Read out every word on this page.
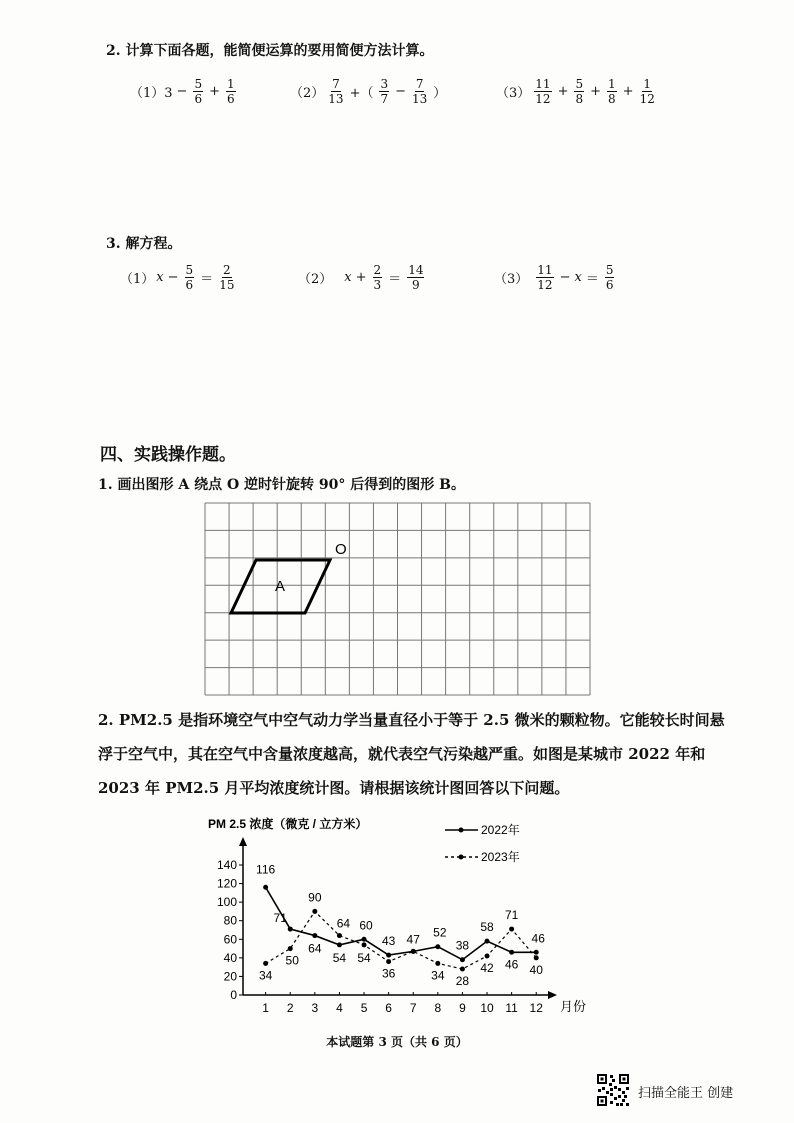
2. 计算下面各题，能简便运算的要用简便方法计算。
$(1)3 - \frac{5}{6} + \frac{1}{6}$	$(2) \frac{7}{13}$ +（ $\frac{3}{7} - \frac{7}{13}$ ）	$(3) \frac{11}{12} + \frac{5}{8} + \frac{1}{8} + \frac{1}{12}$
3. 解方程。
（1） $x - \frac{5}{6} = \frac{2}{15}$	（2） $x + \frac{2}{3} = \frac{14}{9}$	$(3) \frac{11}{12} - x = \frac{5}{6}$
四、实践操作题。
1. 画出图形 A 绕点 O 逆时针旋转 90° 后得到的图形 B。
A
O
2. PM2.5 是指环境空气中空气动力学当量直径小于等于 2.5 微米的颗粒物。它能较长时间悬
浮于空气中，其在空气中含量浓度越高，就代表空气污染越严重。如图是某城市 2022 年和
2023 年 PM2.5 月平均浓度统计图。请根据该统计图回答以下问题。
PM 2.5 浓度（微克 / 立方米）
月份
0
20
40
60
80
100
120
140
1 2 3 4 5 6 7 8 9 10 11 12
116
71
64
54
60
43 47 52
38
58
46
46
34
50
90
64
54
36	34 28
42
71
40
2022年
2023年
本试题第 3 页（共 6 页）
扫描全能王 创建
